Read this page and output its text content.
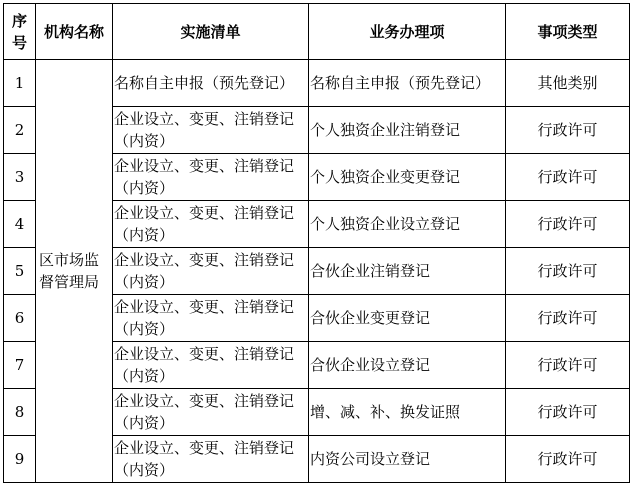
序号	机构名称	实施清单	业务办理项	事项类型
1	区市场监督管理局	名称自主申报（预先登记）	名称自主申报（预先登记）	其他类别
2		企业设立、变更、注销登记（内资）	个人独资企业注销登记	行政许可
3		企业设立、变更、注销登记（内资）	个人独资企业变更登记	行政许可
4		企业设立、变更、注销登记（内资）	个人独资企业设立登记	行政许可
5		企业设立、变更、注销登记（内资）	合伙企业注销登记	行政许可
6		企业设立、变更、注销登记（内资）	合伙企业变更登记	行政许可
7		企业设立、变更、注销登记（内资）	合伙企业设立登记	行政许可
8		企业设立、变更、注销登记（内资）	增、减、补、换发证照	行政许可
9		企业设立、变更、注销登记（内资）	内资公司设立登记	行政许可
